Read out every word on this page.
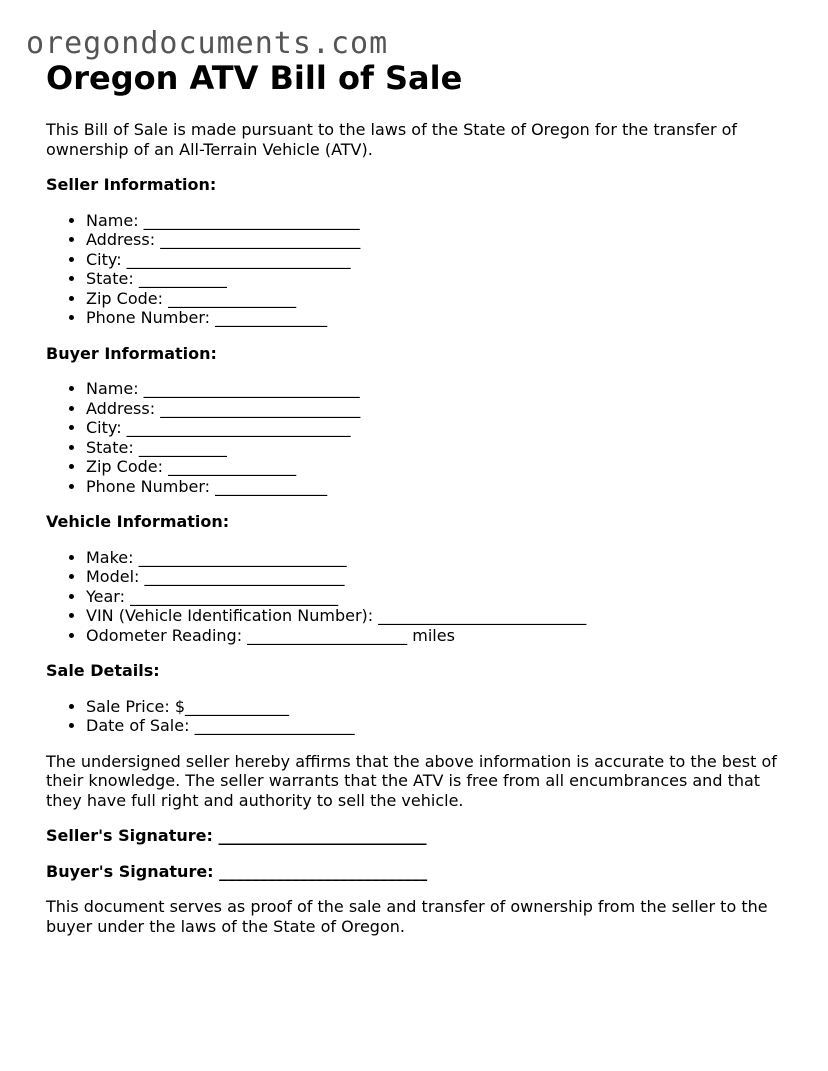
oregondocuments.com
Oregon ATV Bill of Sale

This Bill of Sale is made pursuant to the laws of the State of Oregon for the transfer of ownership of an All-Terrain Vehicle (ATV).

Seller Information:

• Name: ___________________________
• Address: _________________________
• City: ____________________________
• State: ___________
• Zip Code: ________________
• Phone Number: ______________

Buyer Information:

• Name: ___________________________
• Address: _________________________
• City: ____________________________
• State: ___________
• Zip Code: ________________
• Phone Number: ______________

Vehicle Information:

• Make: __________________________
• Model: _________________________
• Year: __________________________
• VIN (Vehicle Identification Number): __________________________
• Odometer Reading: ____________________ miles

Sale Details:

• Sale Price: $_____________
• Date of Sale: ____________________

The undersigned seller hereby affirms that the above information is accurate to the best of their knowledge. The seller warrants that the ATV is free from all encumbrances and that they have full right and authority to sell the vehicle.

Seller's Signature: __________________________

Buyer's Signature: __________________________

This document serves as proof of the sale and transfer of ownership from the seller to the buyer under the laws of the State of Oregon.
